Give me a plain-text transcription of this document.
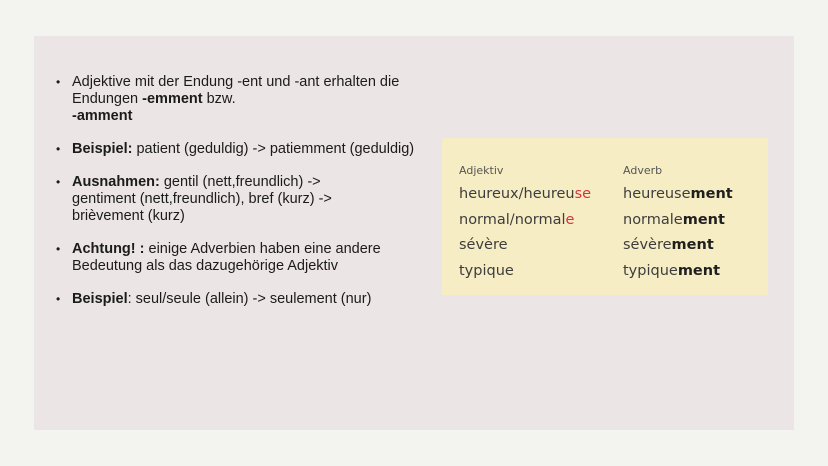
• Adjektive mit der Endung -ent und -ant erhalten die Endungen -emment bzw.
-amment
• Beispiel: patient (geduldig) -> patiemment (geduldig)
• Ausnahmen: gentil (nett,freundlich) -> gentiment (nett,freundlich), bref (kurz) -> brièvement (kurz)
• Achtung! : einige Adverbien haben eine andere Bedeutung als das dazugehörige Adjektiv
• Beispiel: seul/seule (allein) -> seulement (nur)
Adjektiv
heureux/heureuse
normal/normale
sévère
typique
Adverb
heureusement
normalement
sévèrement
typiquement
